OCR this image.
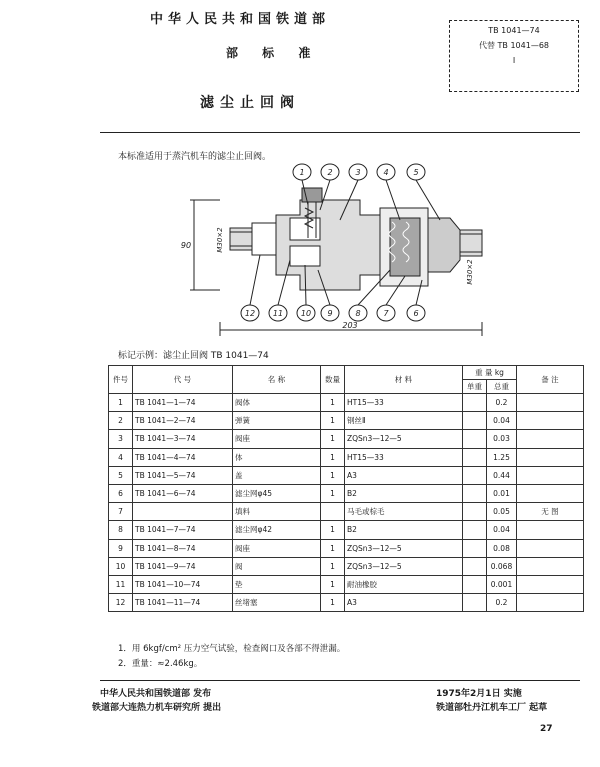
中华人民共和国铁道部
部 标 准
滤尘止回阀
TB 1041—74
代替 TB 1041—68
I
本标准适用于蒸汽机车的滤尘止回阀。
1	2	3	4	5
12 11 10 9	8	7	6
90
203
M30×2
M30×2
标记示例：滤尘止回阀 TB 1041—74
件号	代 号	名 称	数量	材 料	重 量 kg		备 注
					单重	总重	
1	TB 1041—1—74	阀体	1	HT15—33		0.2	
2	TB 1041—2—74	弹簧	1	钢丝Ⅱ		0.04	
3	TB 1041—3—74	阀座	1	ZQSn3—12—5		0.03	
4	TB 1041—4—74	体	1	HT15—33		1.25	
5	TB 1041—5—74	盖	1	A3		0.44	
6	TB 1041—6—74	滤尘网φ45	1	B2		0.01	
7		填料		马毛或棕毛		0.05	无 图
8	TB 1041—7—74	滤尘网φ42	1	B2		0.04	
9	TB 1041—8—74	阀座	1	ZQSn3—12—5		0.08	
10	TB 1041—9—74	阀	1	ZQSn3—12—5		0.068	
11	TB 1041—10—74	垫	1	耐油橡胶		0.001	
12	TB 1041—11—74	丝堵塞	1	A3		0.2	
1．用 6kgf/cm² 压力空气试验，检查阀口及各部不得泄漏。
2．重量：≈2.46kg。
中华人民共和国铁道部 发布
铁道部大连热力机车研究所 提出
1975年2月1日 实施
铁道部牡丹江机车工厂 起草
27
